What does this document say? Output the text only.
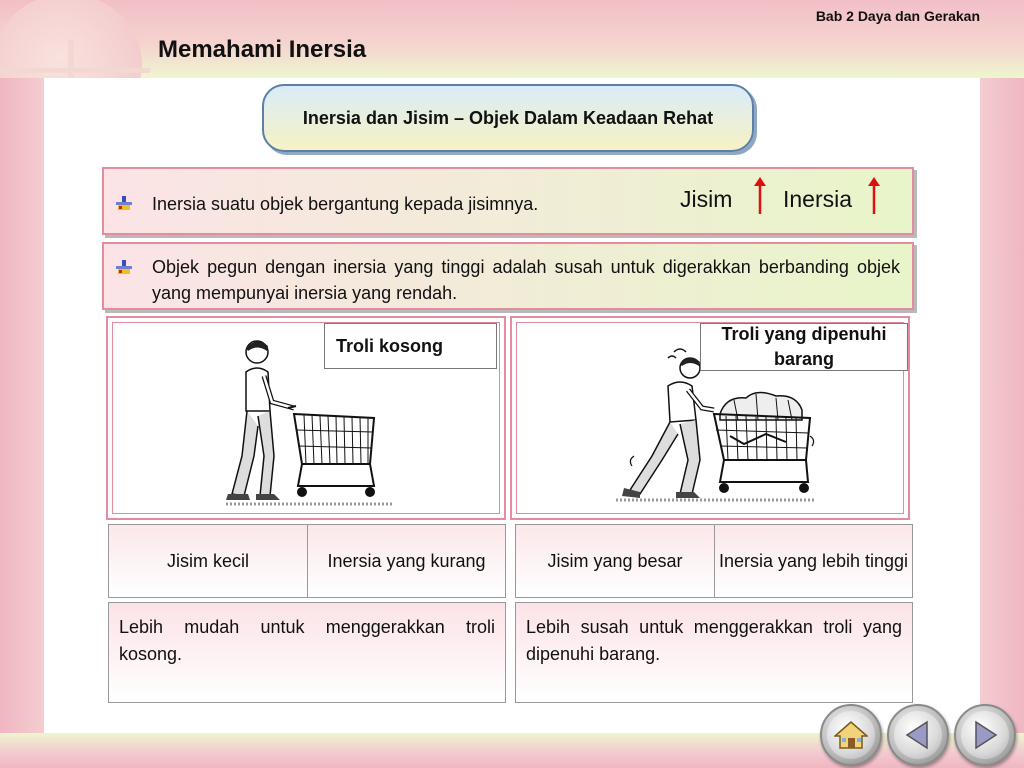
Bab 2 Daya dan Gerakan
Memahami Inersia
Inersia dan Jisim – Objek Dalam Keadaan Rehat
Inersia suatu objek bergantung kepada jisimnya.	Jisim Inersia
Objek pegun dengan inersia yang tinggi adalah susah untuk digerakkan berbanding objek yang mempunyai inersia yang rendah.
Troli kosong
Troli yang dipenuhi barang
Jisim kecil	Inersia yang kurang	Jisim yang besar	Inersia yang lebih tinggi
Lebih mudah untuk menggerakkan troli kosong.
Lebih susah untuk menggerakkan troli yang dipenuhi barang.
